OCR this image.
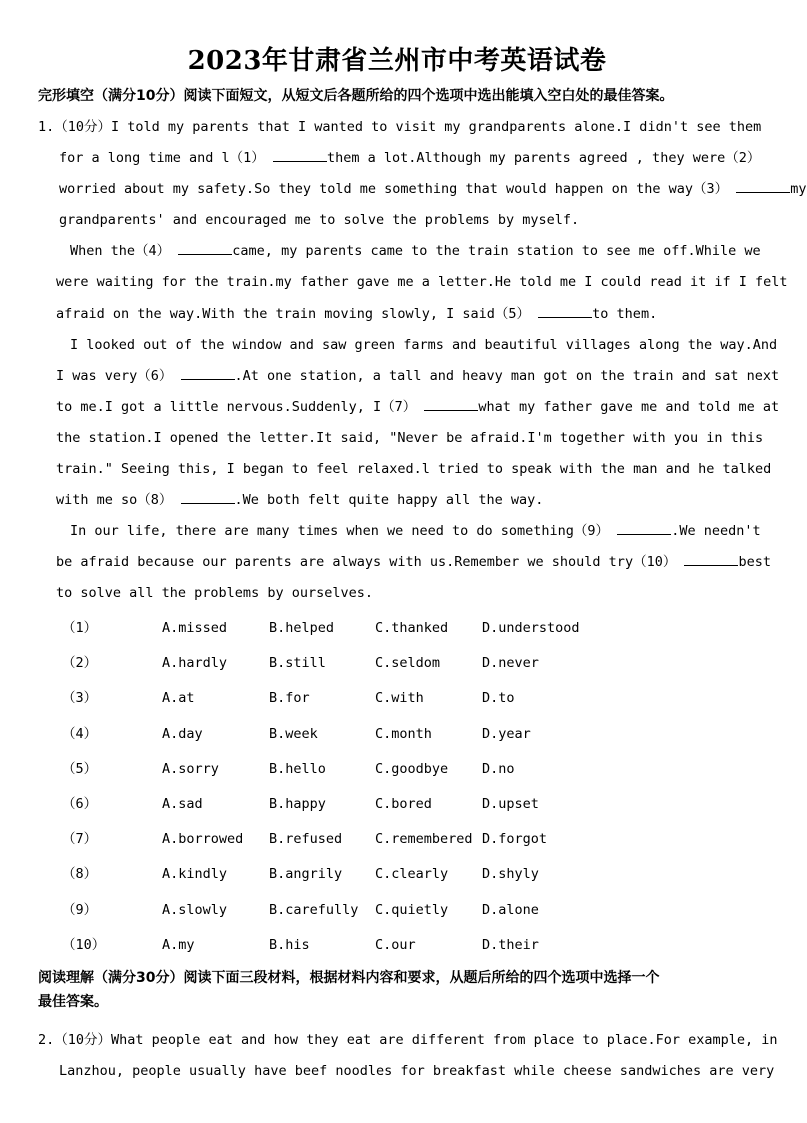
2023年甘肃省兰州市中考英语试卷
完形填空（满分10分）阅读下面短文，从短文后各题所给的四个选项中选出能填入空白处的最佳答案。
1.（10分）I told my parents that I wanted to visit my grandparents alone.I didn't see them
for a long time and l（1）	them a lot.Although my parents agreed , they were（2）
worried about my safety.So they told me something that would happen on the way（3）	my
grandparents' and encouraged me to solve the problems by myself.
When the（4）	came, my parents came to the train station to see me off.While we
were waiting for the train.my father gave me a letter.He told me I could read it if I felt
afraid on the way.With the train moving slowly, I said（5）	to them.
I looked out of the window and saw green farms and beautiful villages along the way.And
I was very（6）	.At one station, a tall and heavy man got on the train and sat next
to me.I got a little nervous.Suddenly, I（7）	what my father gave me and told me at
the station.I opened the letter.It said, "Never be afraid.I'm together with you in this
train." Seeing this, I began to feel relaxed.l tried to speak with the man and he talked
with me so（8）	.We both felt quite happy all the way.
In our life, there are many times when we need to do something（9）	.We needn't
be afraid because our parents are always with us.Remember we should try（10）	best
to solve all the problems by ourselves.
（1）	A.missed	B.helped	C.thanked	D.understood
（2）	A.hardly	B.still	C.seldom	D.never
（3）	A.at	B.for	C.with	D.to
（4）	A.day	B.week	C.month	D.year
（5）	A.sorry	B.hello	C.goodbye	D.no
（6）	A.sad	B.happy	C.bored	D.upset
（7）	A.borrowed B.refused C.remembered D.forgot
（8）	A.kindly	B.angrily C.clearly	D.shyly
（9）	A.slowly	B.carefully C.quietly	D.alone
（10）	A.my	B.his	C.our	D.their
阅读理解（满分30分）阅读下面三段材料，根据材料内容和要求，从题后所给的四个选项中选择一个
最佳答案。
2.（10分）What people eat and how they eat are different from place to place.For example, in
Lanzhou, people usually have beef noodles for breakfast while cheese sandwiches are very
